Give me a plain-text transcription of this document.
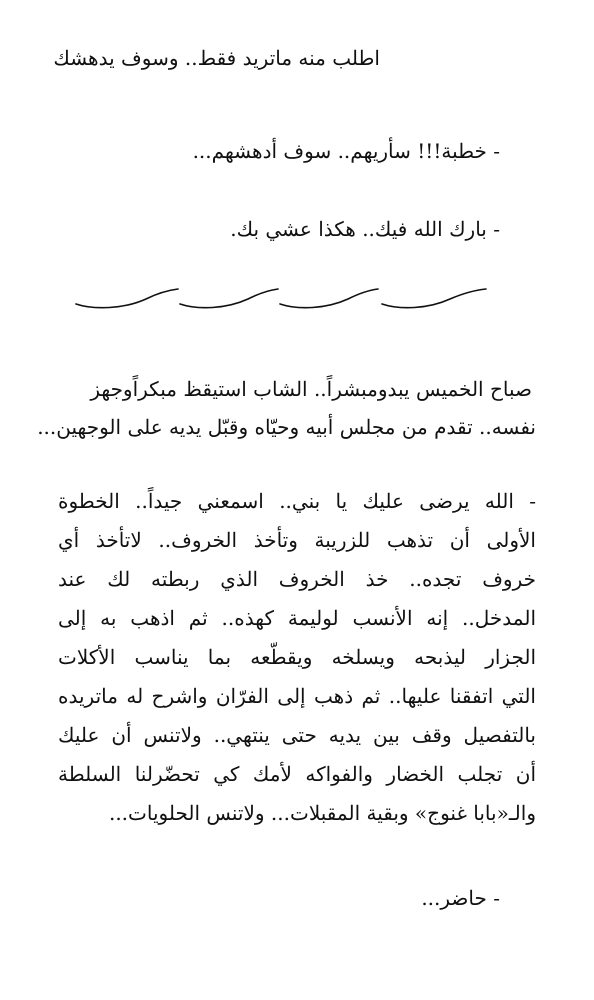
اطلب منه ماتريد فقط.. وسوف يدهشك
- خطبة!!! سأريهم.. سوف أدهشهم...
- بارك الله فيك.. هكذا عشي بك.
صباح الخميس يبدومبشراً.. الشاب استيقظ مبكراًوجهز
نفسه.. تقدم من مجلس أبيه وحيّاه وقبّل يديه على الوجهين...
- الله يرضى عليك يا بني.. اسمعني جيداً.. الخطوة
الأولى أن تذهب للزريبة وتأخذ الخروف.. لاتأخذ أي
خروف تجده.. خذ الخروف الذي ربطته لك عند
المدخل.. إنه الأنسب لوليمة كهذه.. ثم اذهب به إلى
الجزار ليذبحه ويسلخه ويقطّعه بما يناسب الأكلات
التي اتفقنا عليها.. ثم ذهب إلى الفرّان واشرح له ماتريده
بالتفصيل وقف بين يديه حتى ينتهي.. ولاتنس أن عليك
أن تجلب الخضار والفواكه لأمك كي تحضّرلنا السلطة
والـ«بابا غنوج» وبقية المقبلات... ولاتنس الحلويات...
- حاضر...
